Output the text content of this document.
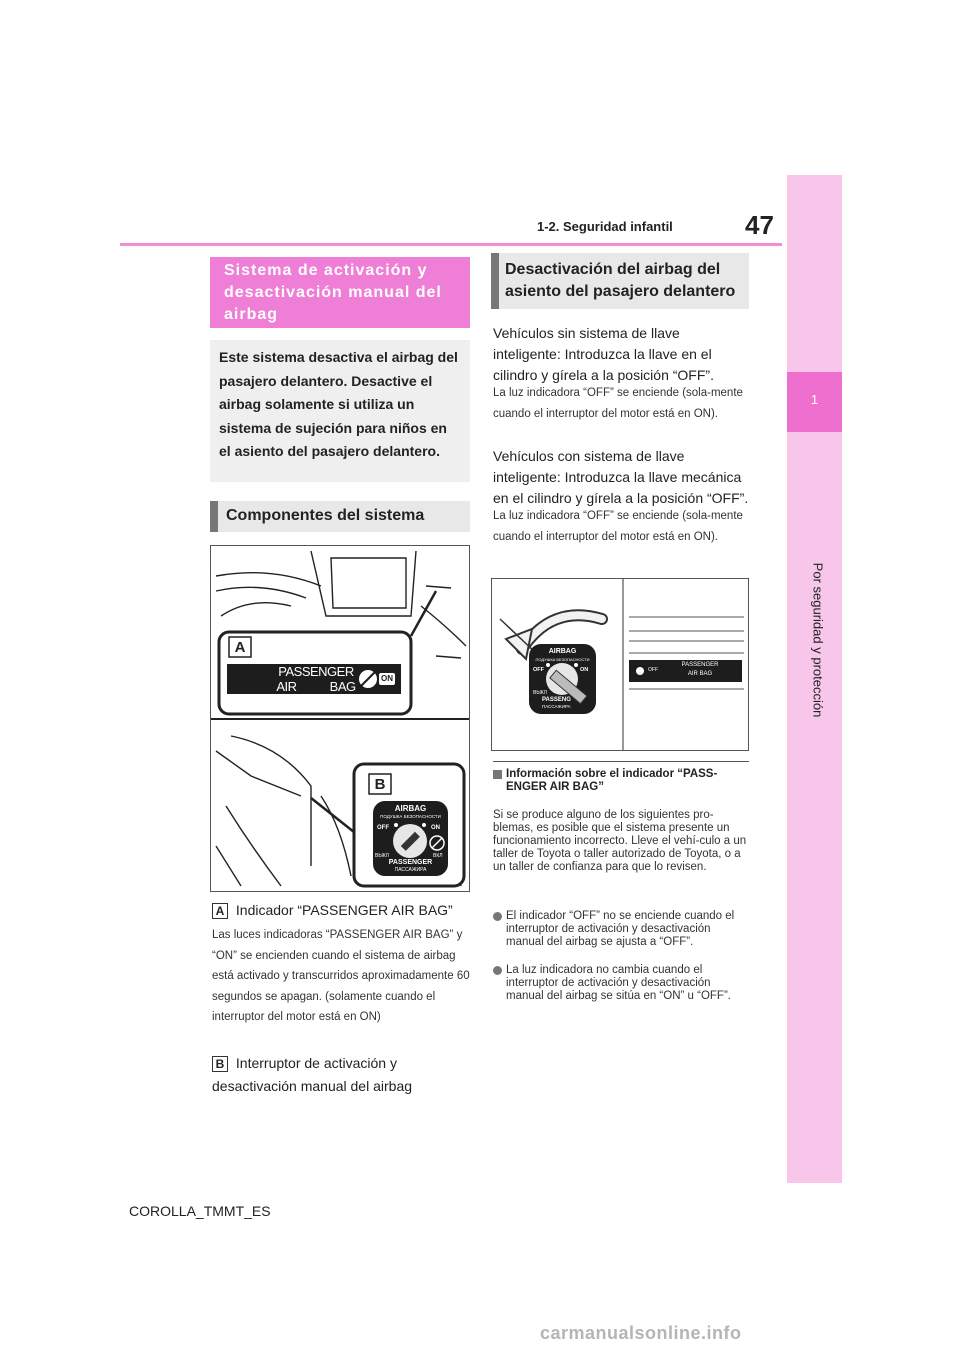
47
1-2. Seguridad infantil
1
Por seguridad y protección
Sistema de activación y desactivación manual del airbag
Este sistema desactiva el airbag del pasajero delantero. Desactive el airbag solamente si utiliza un sistema de sujeción para niños en el asiento del pasajero delantero.
Componentes del sistema
A
B
PASSENGER AIR BAG
ON
AIRBAG
ПОДУШКА БЕЗОПАСНОСТИ
OFF	ON
ВЫКЛ	ВКЛ
PASSENGER
ПАССАЖИРА
A Indicador “PASSENGER AIR BAG”
Las luces indicadoras “PASSENGER AIR BAG” y “ON” se encienden cuando el sistema de airbag está activado y transcurridos aproximadamente 60 segundos se apagan. (solamente cuando el interruptor del motor está en ON)
B Interruptor de activación y desactivación manual del airbag
Desactivación del airbag del asiento del pasajero delantero
Vehículos sin sistema de llave inteligente: Introduzca la llave en el cilindro y gírela a la posición “OFF”.
La luz indicadora “OFF” se enciende (sola-mente cuando el interruptor del motor está en ON).
Vehículos con sistema de llave inteligente: Introduzca la llave mecánica en el cilindro y gírela a la posición “OFF”.
La luz indicadora “OFF” se enciende (sola-mente cuando el interruptor del motor está en ON).
AIRBAG
ПОДУШКА БЕЗОПАСНОСТИ
OFF	ON
ВЫКЛ
PASSENG
ПАССАЖИРА
OFF
PASSENGER
AIR BAG
Información sobre el indicador “PASS-ENGER AIR BAG”
Si se produce alguno de los siguientes pro-blemas, es posible que el sistema presente un funcionamiento incorrecto. Lleve el vehí-culo a un taller de Toyota o taller autorizado de Toyota, o a un taller de confianza para que lo revisen.
El indicador “OFF” no se enciende cuando el interruptor de activación y desactivación manual del airbag se ajusta a “OFF”.
La luz indicadora no cambia cuando el interruptor de activación y desactivación manual del airbag se sitúa en “ON” u “OFF”.
COROLLA_TMMT_ES
carmanualsonline.info
